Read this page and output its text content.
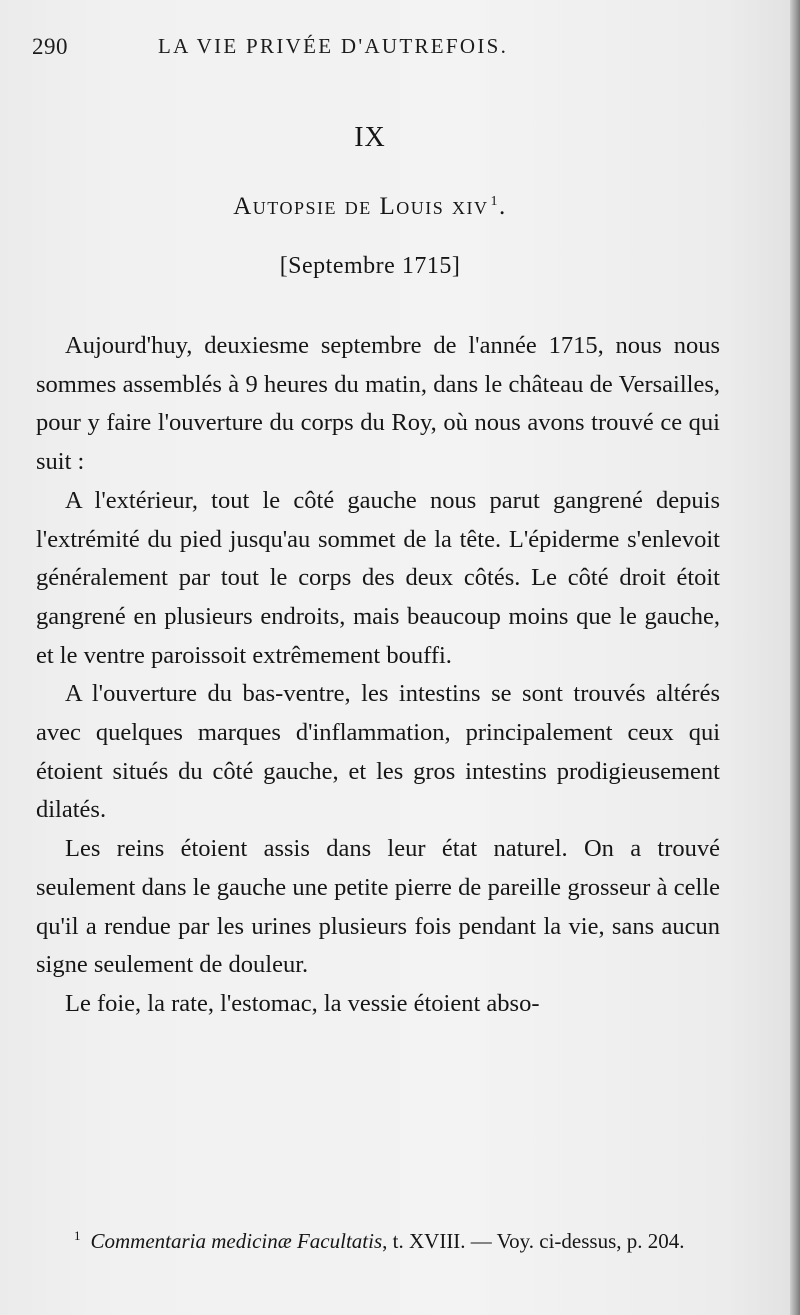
290	LA VIE PRIVÉE D'AUTREFOIS.
IX
Autopsie de Louis xiv $^1$.
[Septembre 1715]

Aujourd'huy, deuxiesme septembre de l'année 1715, nous nous sommes assemblés à 9 heures du matin, dans le château de Versailles, pour y faire l'ouverture du corps du Roy, où nous avons trouvé ce qui suit :

A l'extérieur, tout le côté gauche nous parut gangrené depuis l'extrémité du pied jusqu'au sommet de la tête. L'épiderme s'enlevoit généralement par tout le corps des deux côtés. Le côté droit étoit gangrené en plusieurs endroits, mais beaucoup moins que le gauche, et le ventre paroissoit extrêmement bouffi.

A l'ouverture du bas-ventre, les intestins se sont trouvés altérés avec quelques marques d'inflammation, principalement ceux qui étoient situés du côté gauche, et les gros intestins prodigieusement dilatés.

Les reins étoient assis dans leur état naturel. On a trouvé seulement dans le gauche une petite pierre de pareille grosseur à celle qu'il a rendue par les urines plusieurs fois pendant la vie, sans aucun signe seulement de douleur.

Le foie, la rate, l'estomac, la vessie étoient abso-

$^1$ Commentaria medicinæ Facultatis, t. XVIII. — Voy. ci-dessus, p. 204.
